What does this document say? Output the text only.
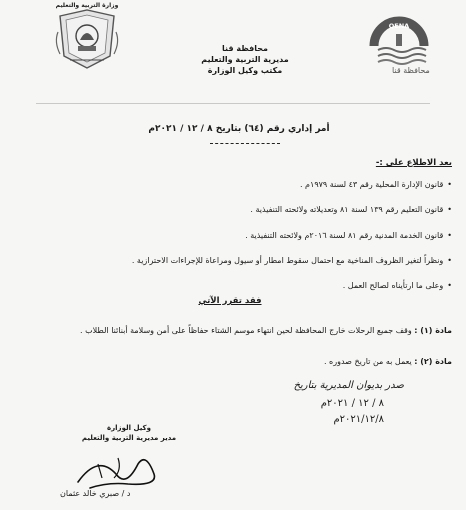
وزارة التربية والتعليم
محافظة قنا
مديرية التربية والتعليم
مكتب وكيل الوزارة
QENA
محافظة قنا
أمر إداري رقم (٦٤) بتاريخ ٨ / ١٢ / ٢٠٢١م
بعد الاطلاع على :-
• قانون الإدارة المحلية رقم ٤٣ لسنة ١٩٧٩م .
• قانون التعليم رقم ١٣٩ لسنة ٨١ وتعديلاته ولائحته التنفيذية .
• قانون الخدمة المدنية رقم ٨١ لسنة ٢٠١٦م ولائحته التنفيذية .
• ونظراً لتغير الظروف المناخية مع احتمال سقوط امطار أو سيول ومراعاة للإجراءات الاحترازية .
• وعلى ما ارتأيناه لصالح العمل .
فقد تقرر الآتي
مادة (١) : وقف جميع الرحلات خارج المحافظة لحين انتهاء موسم الشتاء حفاظاً على أمن وسلامة أبنائنا الطلاب .
مادة (٢) : يعمل به من تاريخ صدوره .
صدر بديوان المديرية بتاريخ
٨ / ١٢ / ٢٠٢١م
٢٠٢١/١٢/٨م
وكيل الوزارة
مدير مديرية التربية والتعليم
د / صبري خالد عثمان
